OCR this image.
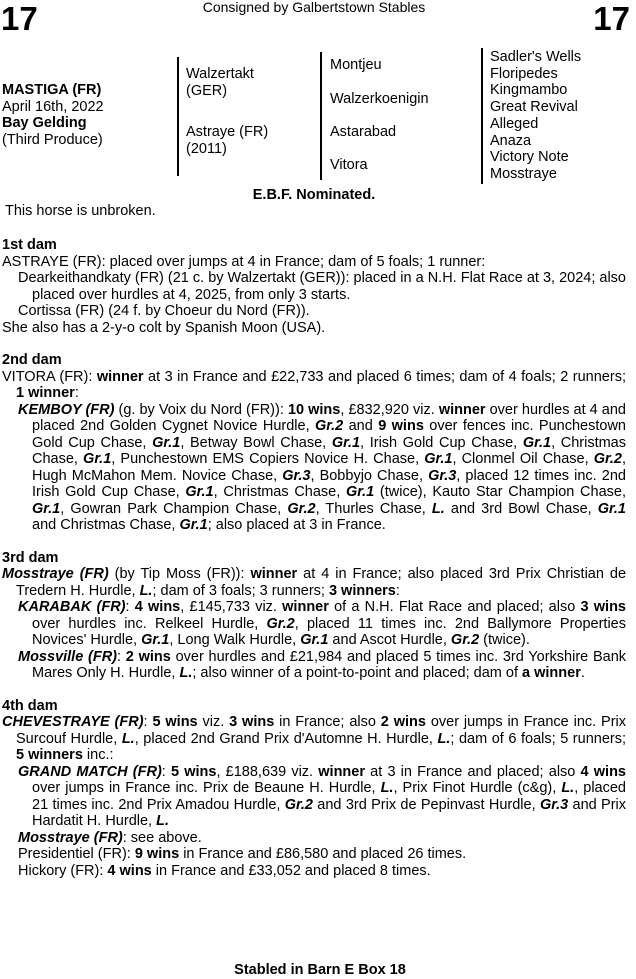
17	17
Consigned by Galbertstown Stables
MASTIGA (FR)
April 16th, 2022
Bay Gelding
(Third Produce)
Walzertakt
(GER)
Astraye (FR)
(2011)
Montjeu
Walzerkoenigin
Astarabad
Vitora
Sadler's Wells
Floripedes
Kingmambo
Great Revival
Alleged
Anaza
Victory Note
Mosstraye
E.B.F. Nominated.
This horse is unbroken.
1st dam

ASTRAYE (FR): placed over jumps at 4 in France; dam of 5 foals; 1 runner:

Dearkeithandkaty (FR) (21 c. by Walzertakt (GER)): placed in a N.H. Flat Race at 3, 2024; also placed over hurdles at 4, 2025, from only 3 starts.

Cortissa (FR) (24 f. by Choeur du Nord (FR)).

She also has a 2-y-o colt by Spanish Moon (USA).

2nd dam

VITORA (FR): winner at 3 in France and £22,733 and placed 6 times; dam of 4 foals; 2 runners; 1 winner:

KEMBOY (FR) (g. by Voix du Nord (FR)): 10 wins, £832,920 viz. winner over hurdles at 4 and placed 2nd Golden Cygnet Novice Hurdle, Gr.2 and 9 wins over fences inc. Punchestown Gold Cup Chase, Gr.1, Betway Bowl Chase, Gr.1, Irish Gold Cup Chase, Gr.1, Christmas Chase, Gr.1, Punchestown EMS Copiers Novice H. Chase, Gr.1, Clonmel Oil Chase, Gr.2, Hugh McMahon Mem. Novice Chase, Gr.3, Bobbyjo Chase, Gr.3, placed 12 times inc. 2nd Irish Gold Cup Chase, Gr.1, Christmas Chase, Gr.1 (twice), Kauto Star Champion Chase, Gr.1, Gowran Park Champion Chase, Gr.2, Thurles Chase, L. and 3rd Bowl Chase, Gr.1 and Christmas Chase, Gr.1; also placed at 3 in France.

3rd dam

Mosstraye (FR) (by Tip Moss (FR)): winner at 4 in France; also placed 3rd Prix Christian de Tredern H. Hurdle, L.; dam of 3 foals; 3 runners; 3 winners:

KARABAK (FR): 4 wins, £145,733 viz. winner of a N.H. Flat Race and placed; also 3 wins over hurdles inc. Relkeel Hurdle, Gr.2, placed 11 times inc. 2nd Ballymore Properties Novices' Hurdle, Gr.1, Long Walk Hurdle, Gr.1 and Ascot Hurdle, Gr.2 (twice).

Mossville (FR): 2 wins over hurdles and £21,984 and placed 5 times inc. 3rd Yorkshire Bank Mares Only H. Hurdle, L.; also winner of a point-to-point and placed; dam of a winner.

4th dam

CHEVESTRAYE (FR): 5 wins viz. 3 wins in France; also 2 wins over jumps in France inc. Prix Surcouf Hurdle, L., placed 2nd Grand Prix d'Automne H. Hurdle, L.; dam of 6 foals; 5 runners; 5 winners inc.:

GRAND MATCH (FR): 5 wins, £188,639 viz. winner at 3 in France and placed; also 4 wins over jumps in France inc. Prix de Beaune H. Hurdle, L., Prix Finot Hurdle (c&g), L., placed 21 times inc. 2nd Prix Amadou Hurdle, Gr.2 and 3rd Prix de Pepinvast Hurdle, Gr.3 and Prix Hardatit H. Hurdle, L.

Mosstraye (FR): see above.

Presidentiel (FR): 9 wins in France and £86,580 and placed 26 times.

Hickory (FR): 4 wins in France and £33,052 and placed 8 times.

Stabled in Barn E Box 18
